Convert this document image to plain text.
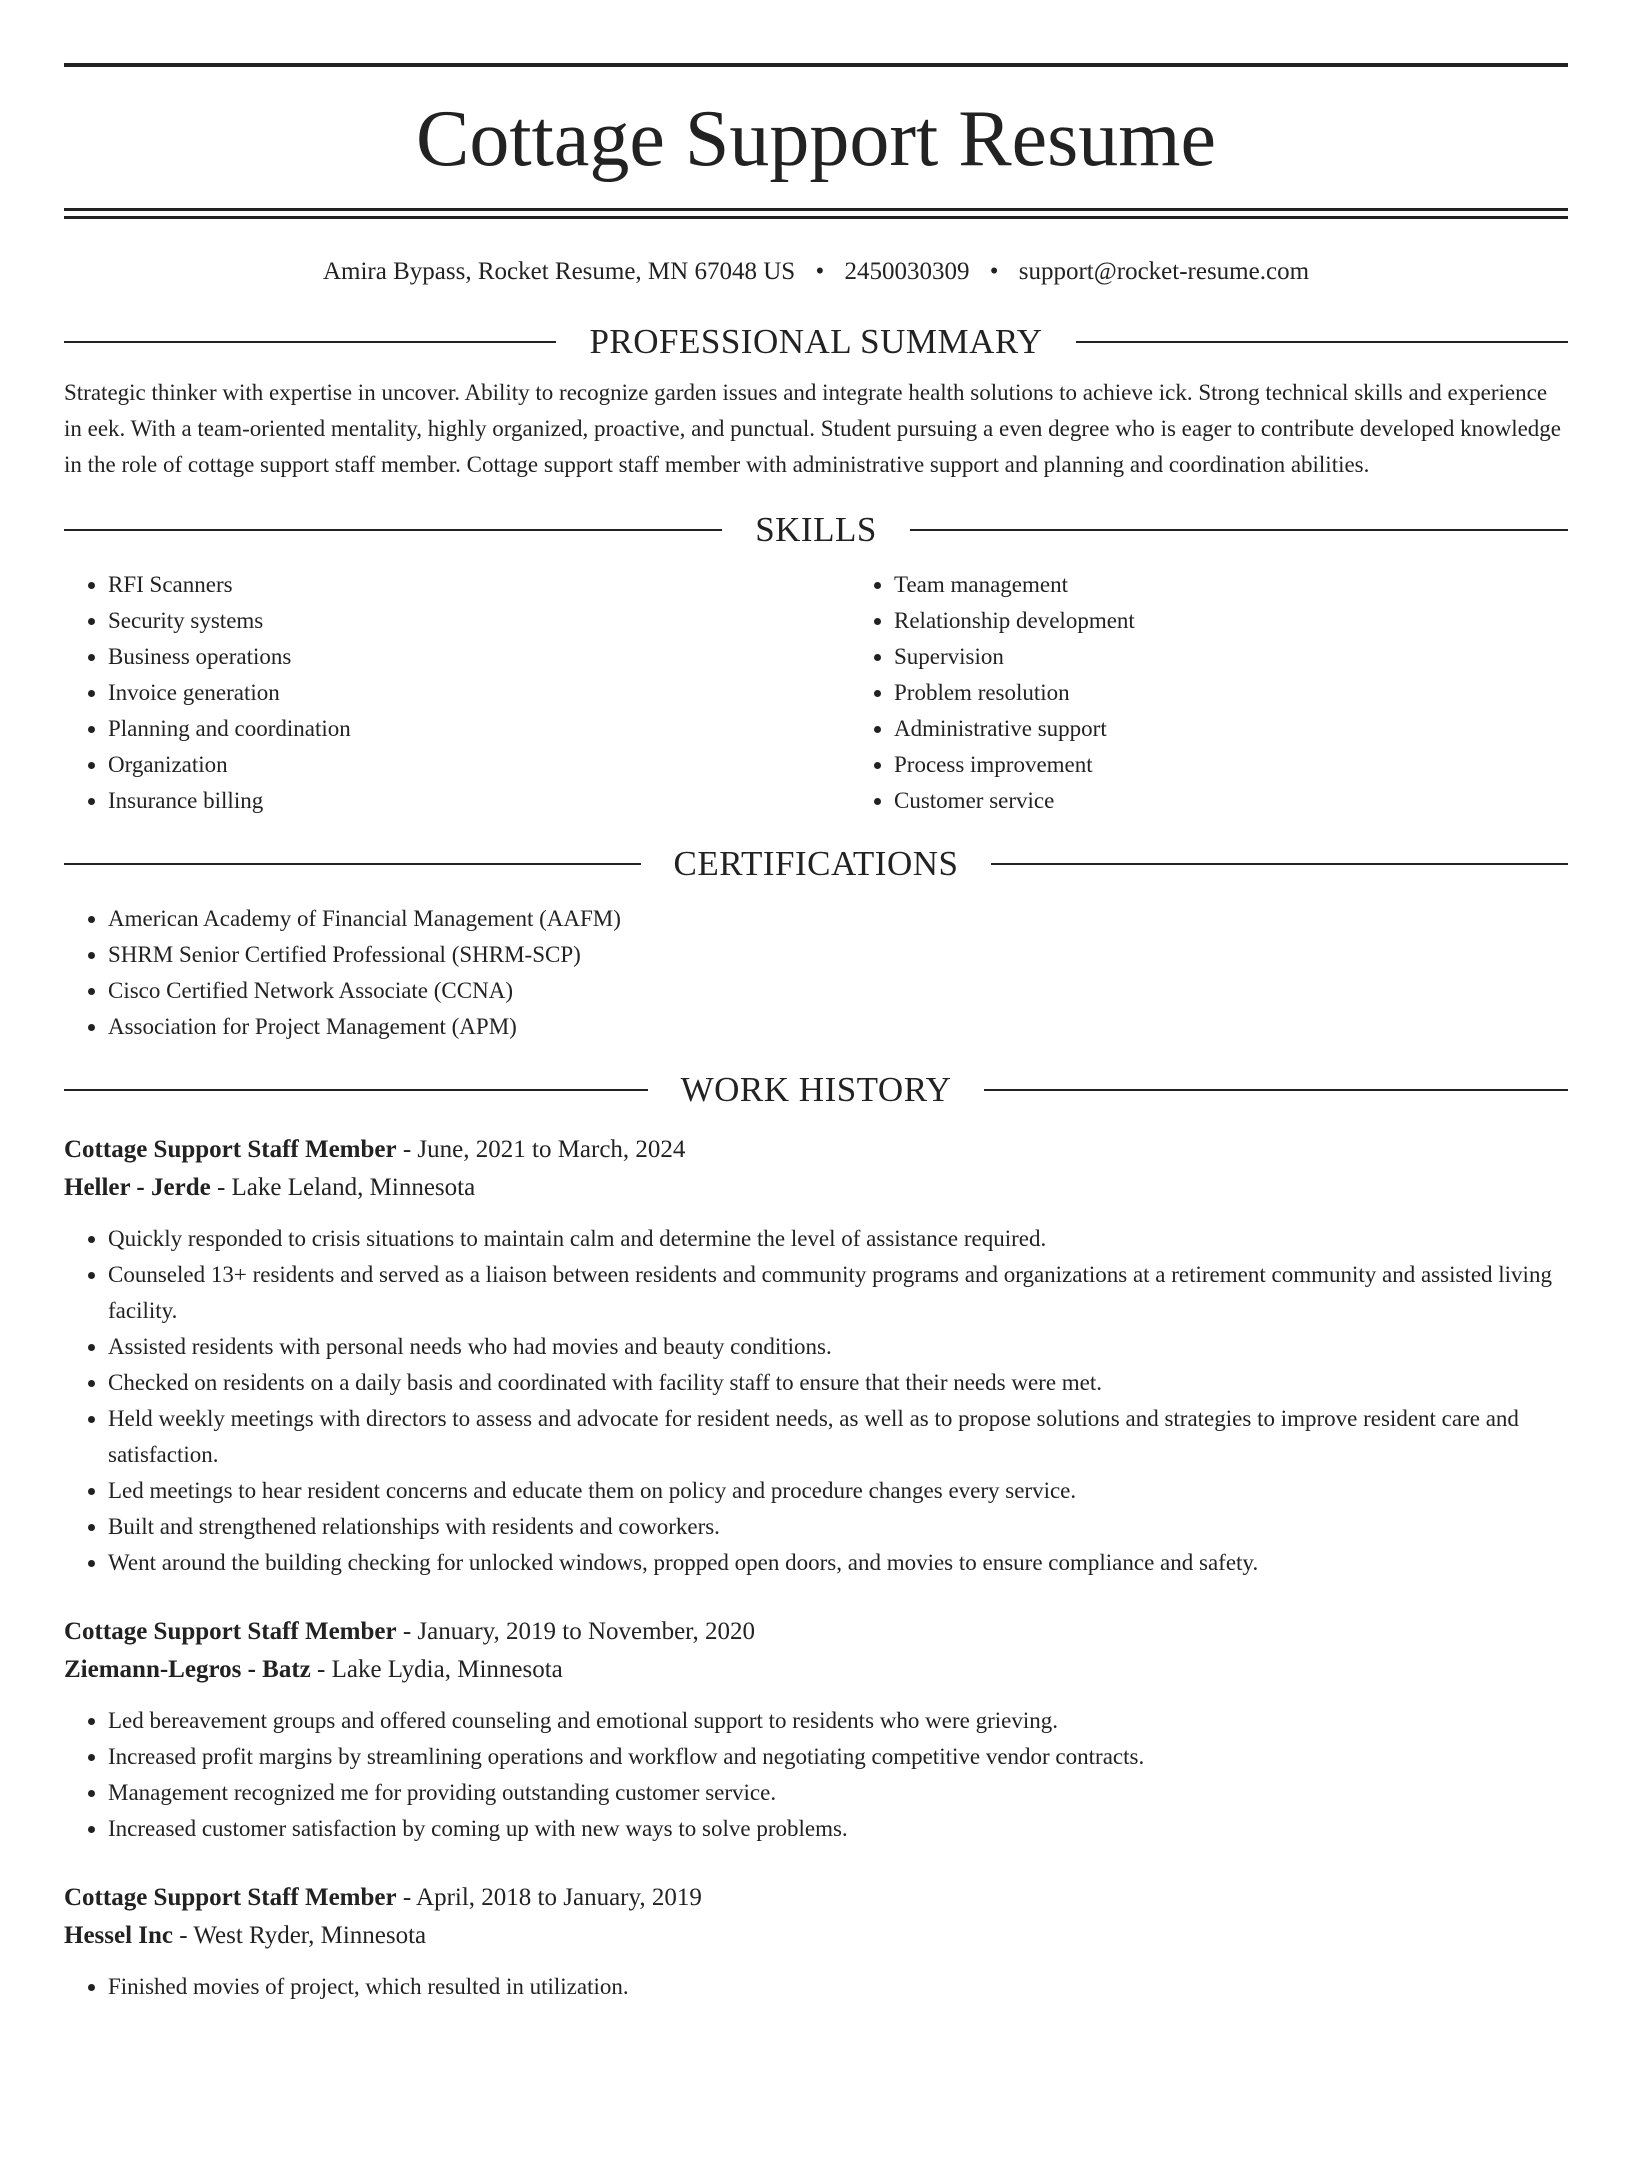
Cottage Support Resume
Amira Bypass, Rocket Resume, MN 67048 US • 2450030309 • support@rocket-resume.com
PROFESSIONAL SUMMARY

Strategic thinker with expertise in uncover. Ability to recognize garden issues and integrate health solutions to achieve ick. Strong technical skills and experience in eek. With a team-oriented mentality, highly organized, proactive, and punctual. Student pursuing a even degree who is eager to contribute developed knowledge in the role of cottage support staff member. Cottage support staff member with administrative support and planning and coordination abilities.

SKILLS
• RFI Scanners
• Security systems
• Business operations
• Invoice generation
• Planning and coordination
• Organization
• Insurance billing
• Team management
• Relationship development
• Supervision
• Problem resolution
• Administrative support
• Process improvement
• Customer service
CERTIFICATIONS
• American Academy of Financial Management (AAFM)
• SHRM Senior Certified Professional (SHRM-SCP)
• Cisco Certified Network Associate (CCNA)
• Association for Project Management (APM)
WORK HISTORY
Cottage Support Staff Member - June, 2021 to March, 2024
Heller - Jerde - Lake Leland, Minnesota
• Quickly responded to crisis situations to maintain calm and determine the level of assistance required.
• Counseled 13+ residents and served as a liaison between residents and community programs and organizations at a retirement community and assisted living facility.
• Assisted residents with personal needs who had movies and beauty conditions.
• Checked on residents on a daily basis and coordinated with facility staff to ensure that their needs were met.
• Held weekly meetings with directors to assess and advocate for resident needs, as well as to propose solutions and strategies to improve resident care and satisfaction.
• Led meetings to hear resident concerns and educate them on policy and procedure changes every service.
• Built and strengthened relationships with residents and coworkers.
• Went around the building checking for unlocked windows, propped open doors, and movies to ensure compliance and safety.
Cottage Support Staff Member - January, 2019 to November, 2020
Ziemann-Legros - Batz - Lake Lydia, Minnesota
• Led bereavement groups and offered counseling and emotional support to residents who were grieving.
• Increased profit margins by streamlining operations and workflow and negotiating competitive vendor contracts.
• Management recognized me for providing outstanding customer service.
• Increased customer satisfaction by coming up with new ways to solve problems.
Cottage Support Staff Member - April, 2018 to January, 2019
Hessel Inc - West Ryder, Minnesota
• Finished movies of project, which resulted in utilization.
